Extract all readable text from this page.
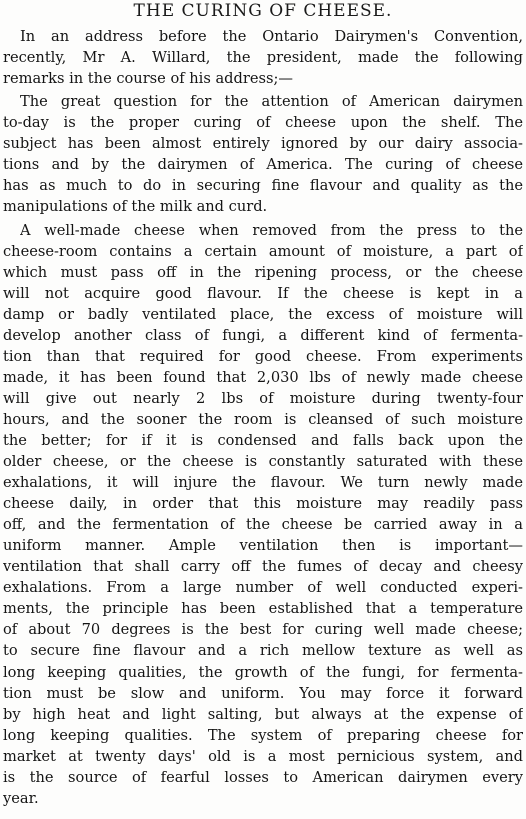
THE CURING OF CHEESE.
In an address before the Ontario Dairymen's Convention,
recently, Mr A. Willard, the president, made the following
remarks in the course of his address;—
The great question for the attention of American dairymen
to-day is the proper curing of cheese upon the shelf. The
subject has been almost entirely ignored by our dairy associa-
tions and by the dairymen of America. The curing of cheese
has as much to do in securing fine flavour and quality as the
manipulations of the milk and curd.
A well-made cheese when removed from the press to the
cheese-room contains a certain amount of moisture, a part of
which must pass off in the ripening process, or the cheese
will not acquire good flavour. If the cheese is kept in a
damp or badly ventilated place, the excess of moisture will
develop another class of fungi, a different kind of fermenta-
tion than that required for good cheese. From experiments
made, it has been found that 2,030 lbs of newly made cheese
will give out nearly 2 lbs of moisture during twenty-four
hours, and the sooner the room is cleansed of such moisture
the better; for if it is condensed and falls back upon the
older cheese, or the cheese is constantly saturated with these
exhalations, it will injure the flavour. We turn newly made
cheese daily, in order that this moisture may readily pass
off, and the fermentation of the cheese be carried away in a
uniform manner. Ample ventilation then is important—
ventilation that shall carry off the fumes of decay and cheesy
exhalations. From a large number of well conducted experi-
ments, the principle has been established that a temperature
of about 70 degrees is the best for curing well made cheese;
to secure fine flavour and a rich mellow texture as well as
long keeping qualities, the growth of the fungi, for fermenta-
tion must be slow and uniform. You may force it forward
by high heat and light salting, but always at the expense of
long keeping qualities. The system of preparing cheese for
market at twenty days' old is a most pernicious system, and
is the source of fearful losses to American dairymen every
year.
